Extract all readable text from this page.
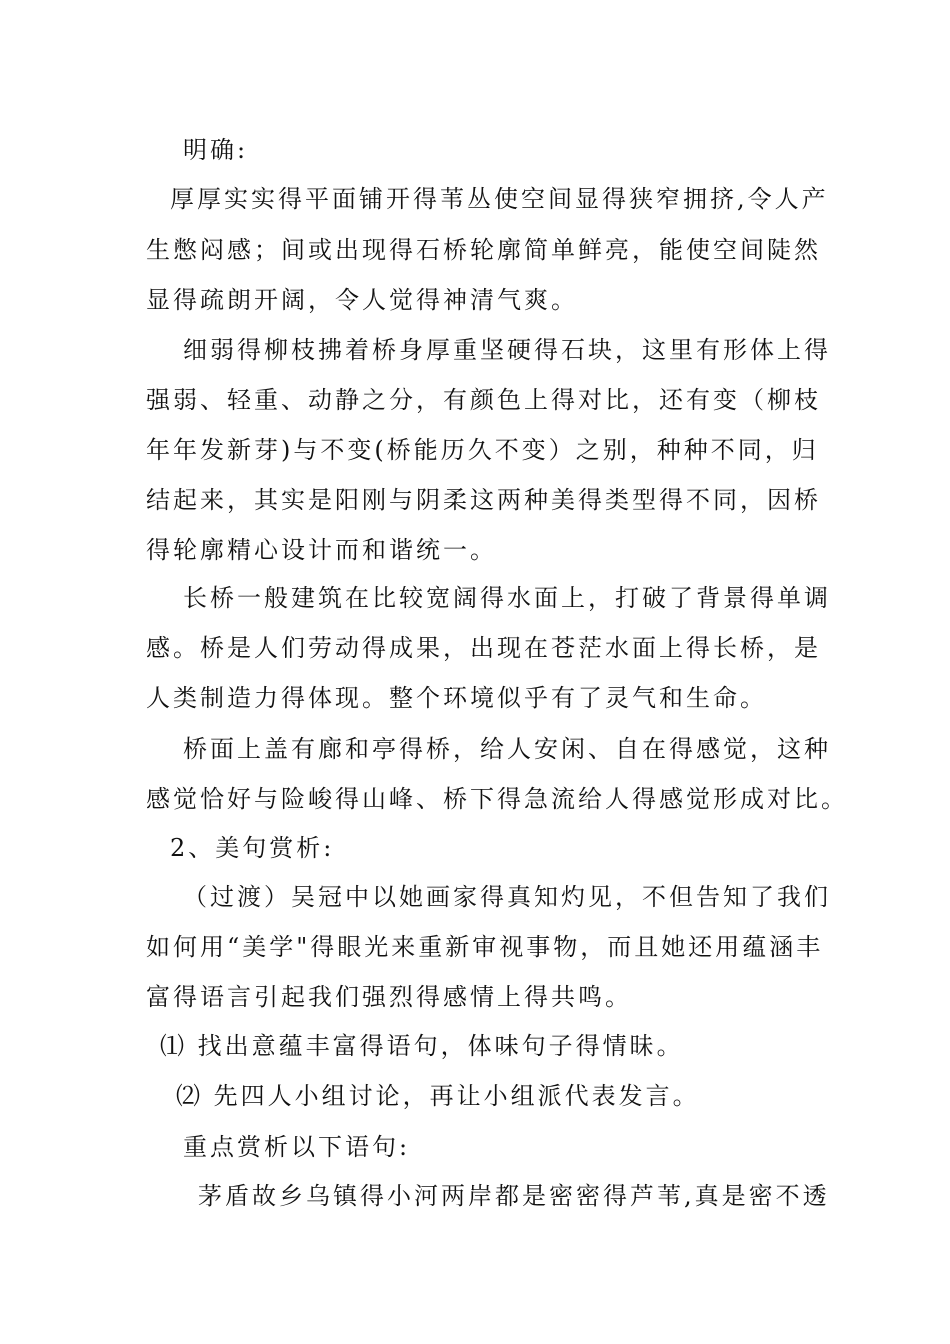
明确:
厚厚实实得平面铺开得苇丛使空间显得狭窄拥挤,令人产
生憋闷感；间或出现得石桥轮廓简单鲜亮，能使空间陡然
显得疏朗开阔，令人觉得神清气爽。
细弱得柳枝拂着桥身厚重坚硬得石块，这里有形体上得
强弱、轻重、动静之分，有颜色上得对比，还有变（柳枝
年年发新芽)与不变(桥能历久不变）之别，种种不同，归
结起来，其实是阳刚与阴柔这两种美得类型得不同，因桥
得轮廓精心设计而和谐统一。
长桥一般建筑在比较宽阔得水面上，打破了背景得单调
感。桥是人们劳动得成果，出现在苍茫水面上得长桥，是
人类制造力得体现。整个环境似乎有了灵气和生命。
桥面上盖有廊和亭得桥，给人安闲、自在得感觉，这种
感觉恰好与险峻得山峰、桥下得急流给人得感觉形成对比。
2、美句赏析:
（过渡）吴冠中以她画家得真知灼见，不但告知了我们
如何用“美学"得眼光来重新审视事物，而且她还用蕴涵丰
富得语言引起我们强烈得感情上得共鸣。
⑴ 找出意蕴丰富得语句，体味句子得情昧。
⑵ 先四人小组讨论，再让小组派代表发言。
重点赏析以下语句:
茅盾故乡乌镇得小河两岸都是密密得芦苇,真是密不透
